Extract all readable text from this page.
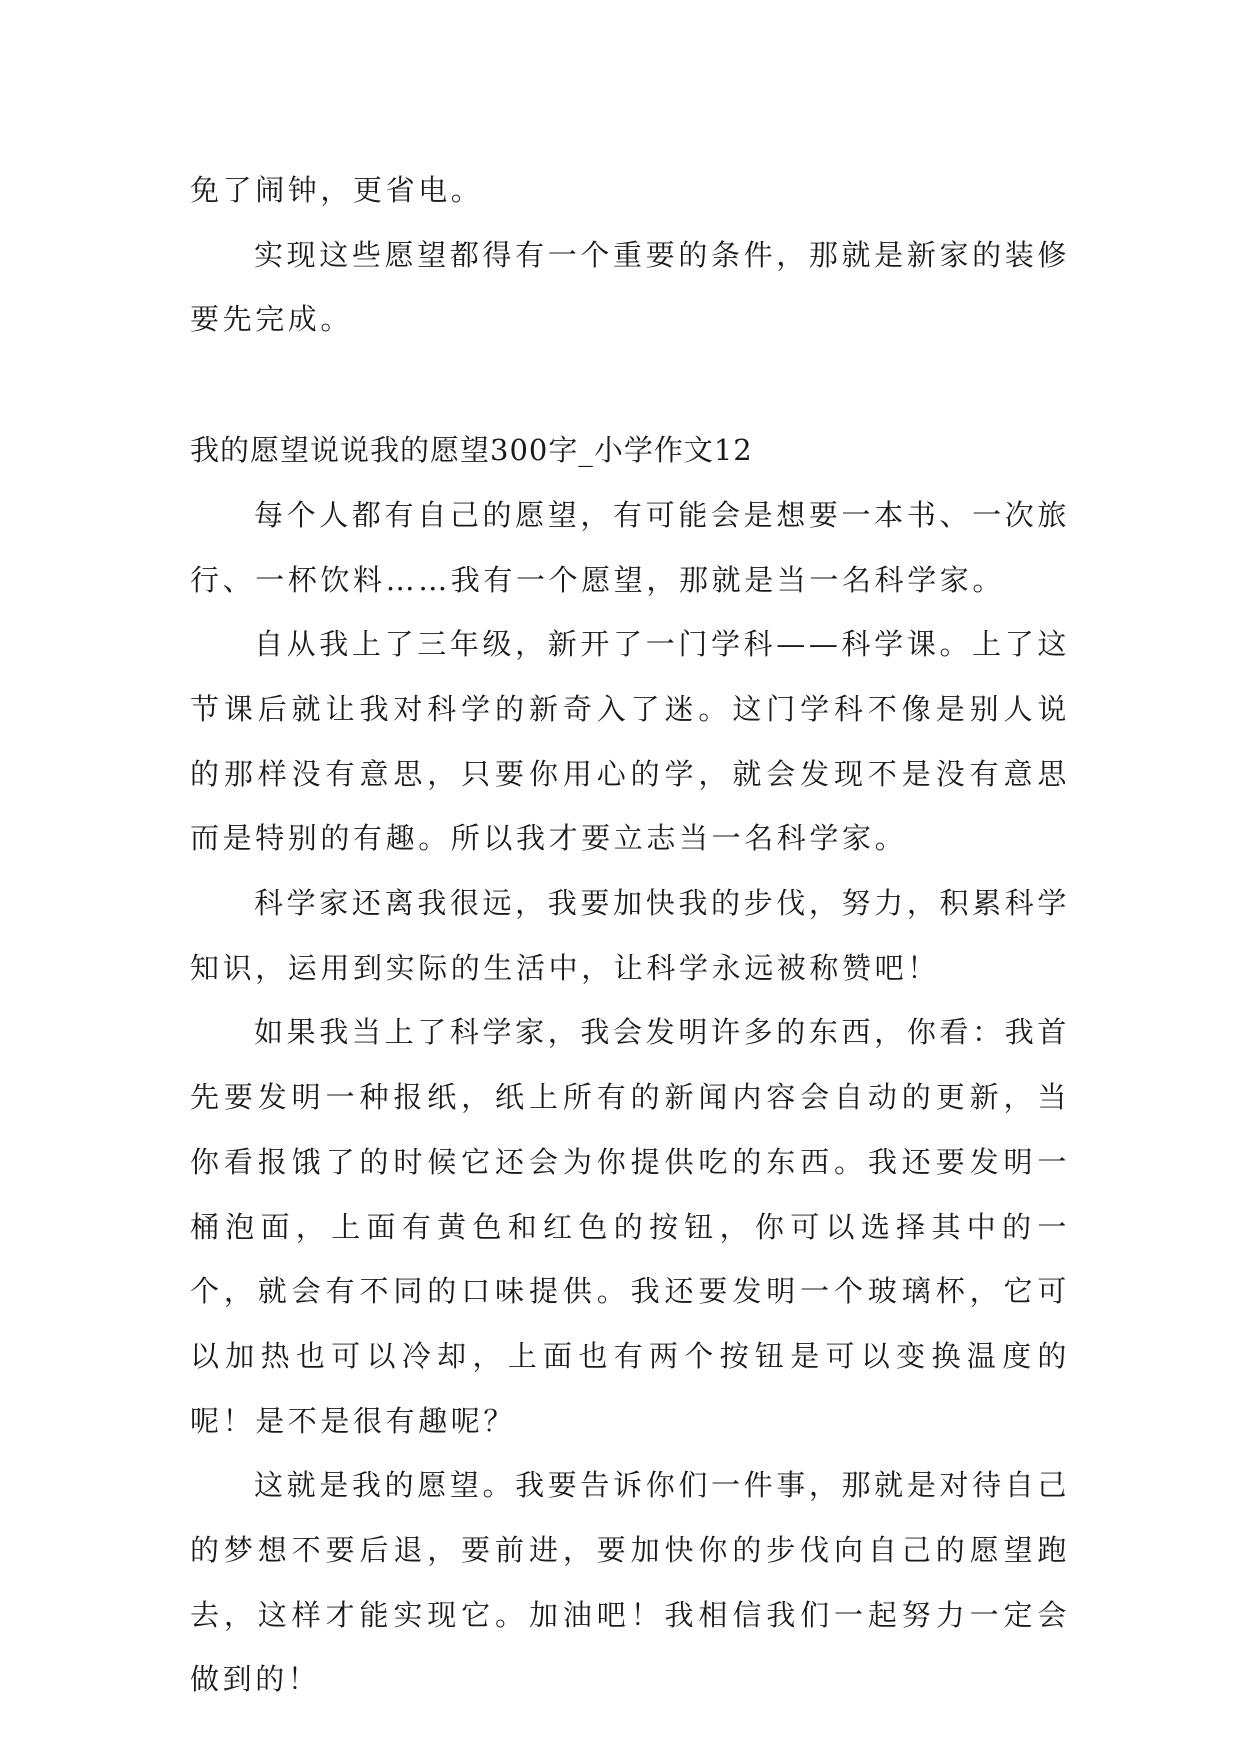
免了闹钟，更省电。

实现这些愿望都得有一个重要的条件，那就是新家的装修要先完成。

我的愿望说说我的愿望300字_小学作文12

每个人都有自己的愿望，有可能会是想要一本书、一次旅行、一杯饮料……我有一个愿望，那就是当一名科学家。

自从我上了三年级，新开了一门学科——科学课。上了这节课后就让我对科学的新奇入了迷。这门学科不像是别人说的那样没有意思，只要你用心的学，就会发现不是没有意思而是特别的有趣。所以我才要立志当一名科学家。

科学家还离我很远，我要加快我的步伐，努力，积累科学知识，运用到实际的生活中，让科学永远被称赞吧！

如果我当上了科学家，我会发明许多的东西，你看：我首先要发明一种报纸，纸上所有的新闻内容会自动的更新，当你看报饿了的时候它还会为你提供吃的东西。我还要发明一桶泡面，上面有黄色和红色的按钮，你可以选择其中的一个，就会有不同的口味提供。我还要发明一个玻璃杯，它可以加热也可以冷却，上面也有两个按钮是可以变换温度的呢！是不是很有趣呢？

这就是我的愿望。我要告诉你们一件事，那就是对待自己的梦想不要后退，要前进，要加快你的步伐向自己的愿望跑去，这样才能实现它。加油吧！我相信我们一起努力一定会做到的！
